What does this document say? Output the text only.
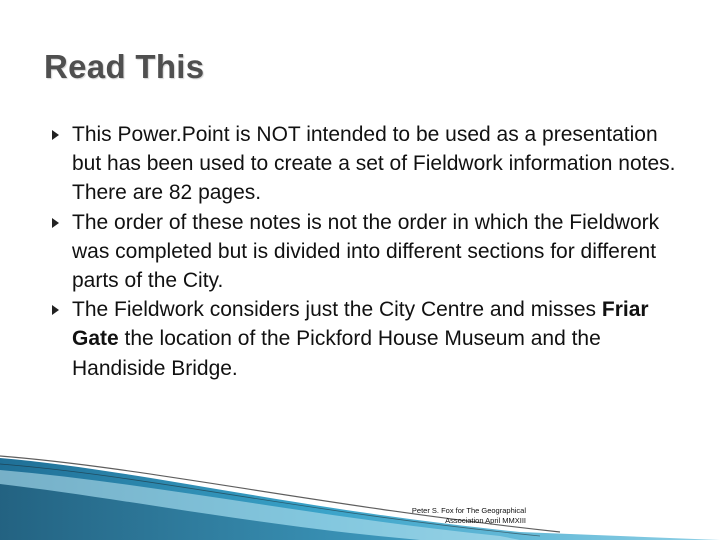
Read This
This Power.Point is NOT intended to be used as a presentation but has been used to create a set of Fieldwork information notes. There are 82 pages.
The order of these notes is not the order in which the Fieldwork was completed but is divided into different sections for different parts of the City.
The Fieldwork considers just the City Centre and misses Friar Gate the location of the Pickford House Museum and the Handiside Bridge.
Peter S. Fox for The Geographical
Association April MMXIII
